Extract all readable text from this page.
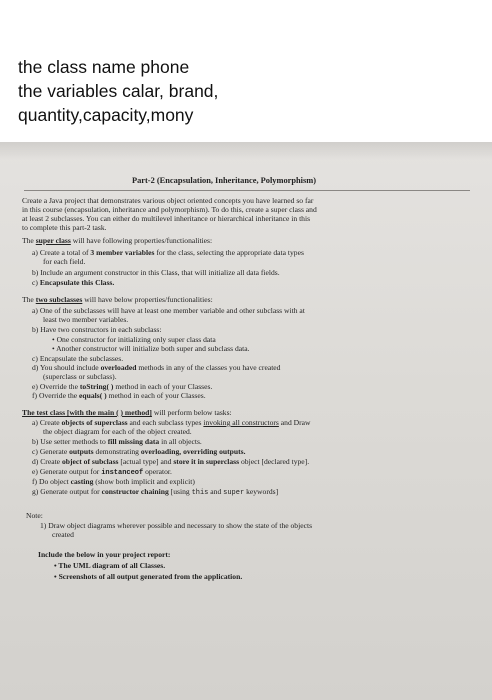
the class name phone
the variables calar, brand,
quantity,capacity,mony
Part-2 (Encapsulation, Inheritance, Polymorphism)
Create a Java project that demonstrates various object oriented concepts you have learned so far
in this course (encapsulation, inheritance and polymorphism). To do this, create a super class and
at least 2 subclasses. You can either do multilevel inheritance or hierarchical inheritance in this
to complete this part-2 task.
The super class will have following properties/functionalities:
a) Create a total of 3 member variables for the class, selecting the appropriate data types
for each field.
b) Include an argument constructor in this Class, that will initialize all data fields.
c) Encapsulate this Class.
The two subclasses will have below properties/functionalities:
a) One of the subclasses will have at least one member variable and other subclass with at
least two member variables.
b) Have two constructors in each subclass:
• One constructor for initializing only super class data
• Another constructor will initialize both super and subclass data.
c) Encapsulate the subclasses.
d) You should include overloaded methods in any of the classes you have created
(superclass or subclass).
e) Override the toString( ) method in each of your Classes.
f) Override the equals( ) method in each of your Classes.
The test class [with the main ( ) method] will perform below tasks:
a) Create objects of superclass and each subclass types invoking all constructors and Draw
the object diagram for each of the object created.
b) Use setter methods to fill missing data in all objects.
c) Generate outputs demonstrating overloading, overriding outputs.
d) Create object of subclass [actual type] and store it in superclass object [declared type].
e) Generate output for instanceof operator.
f) Do object casting (show both implicit and explicit)
g) Generate output for constructor chaining [using this and super keywords]
Note:
1) Draw object diagrams wherever possible and necessary to show the state of the objects
created
Include the below in your project report:
• The UML diagram of all Classes.
• Screenshots of all output generated from the application.
